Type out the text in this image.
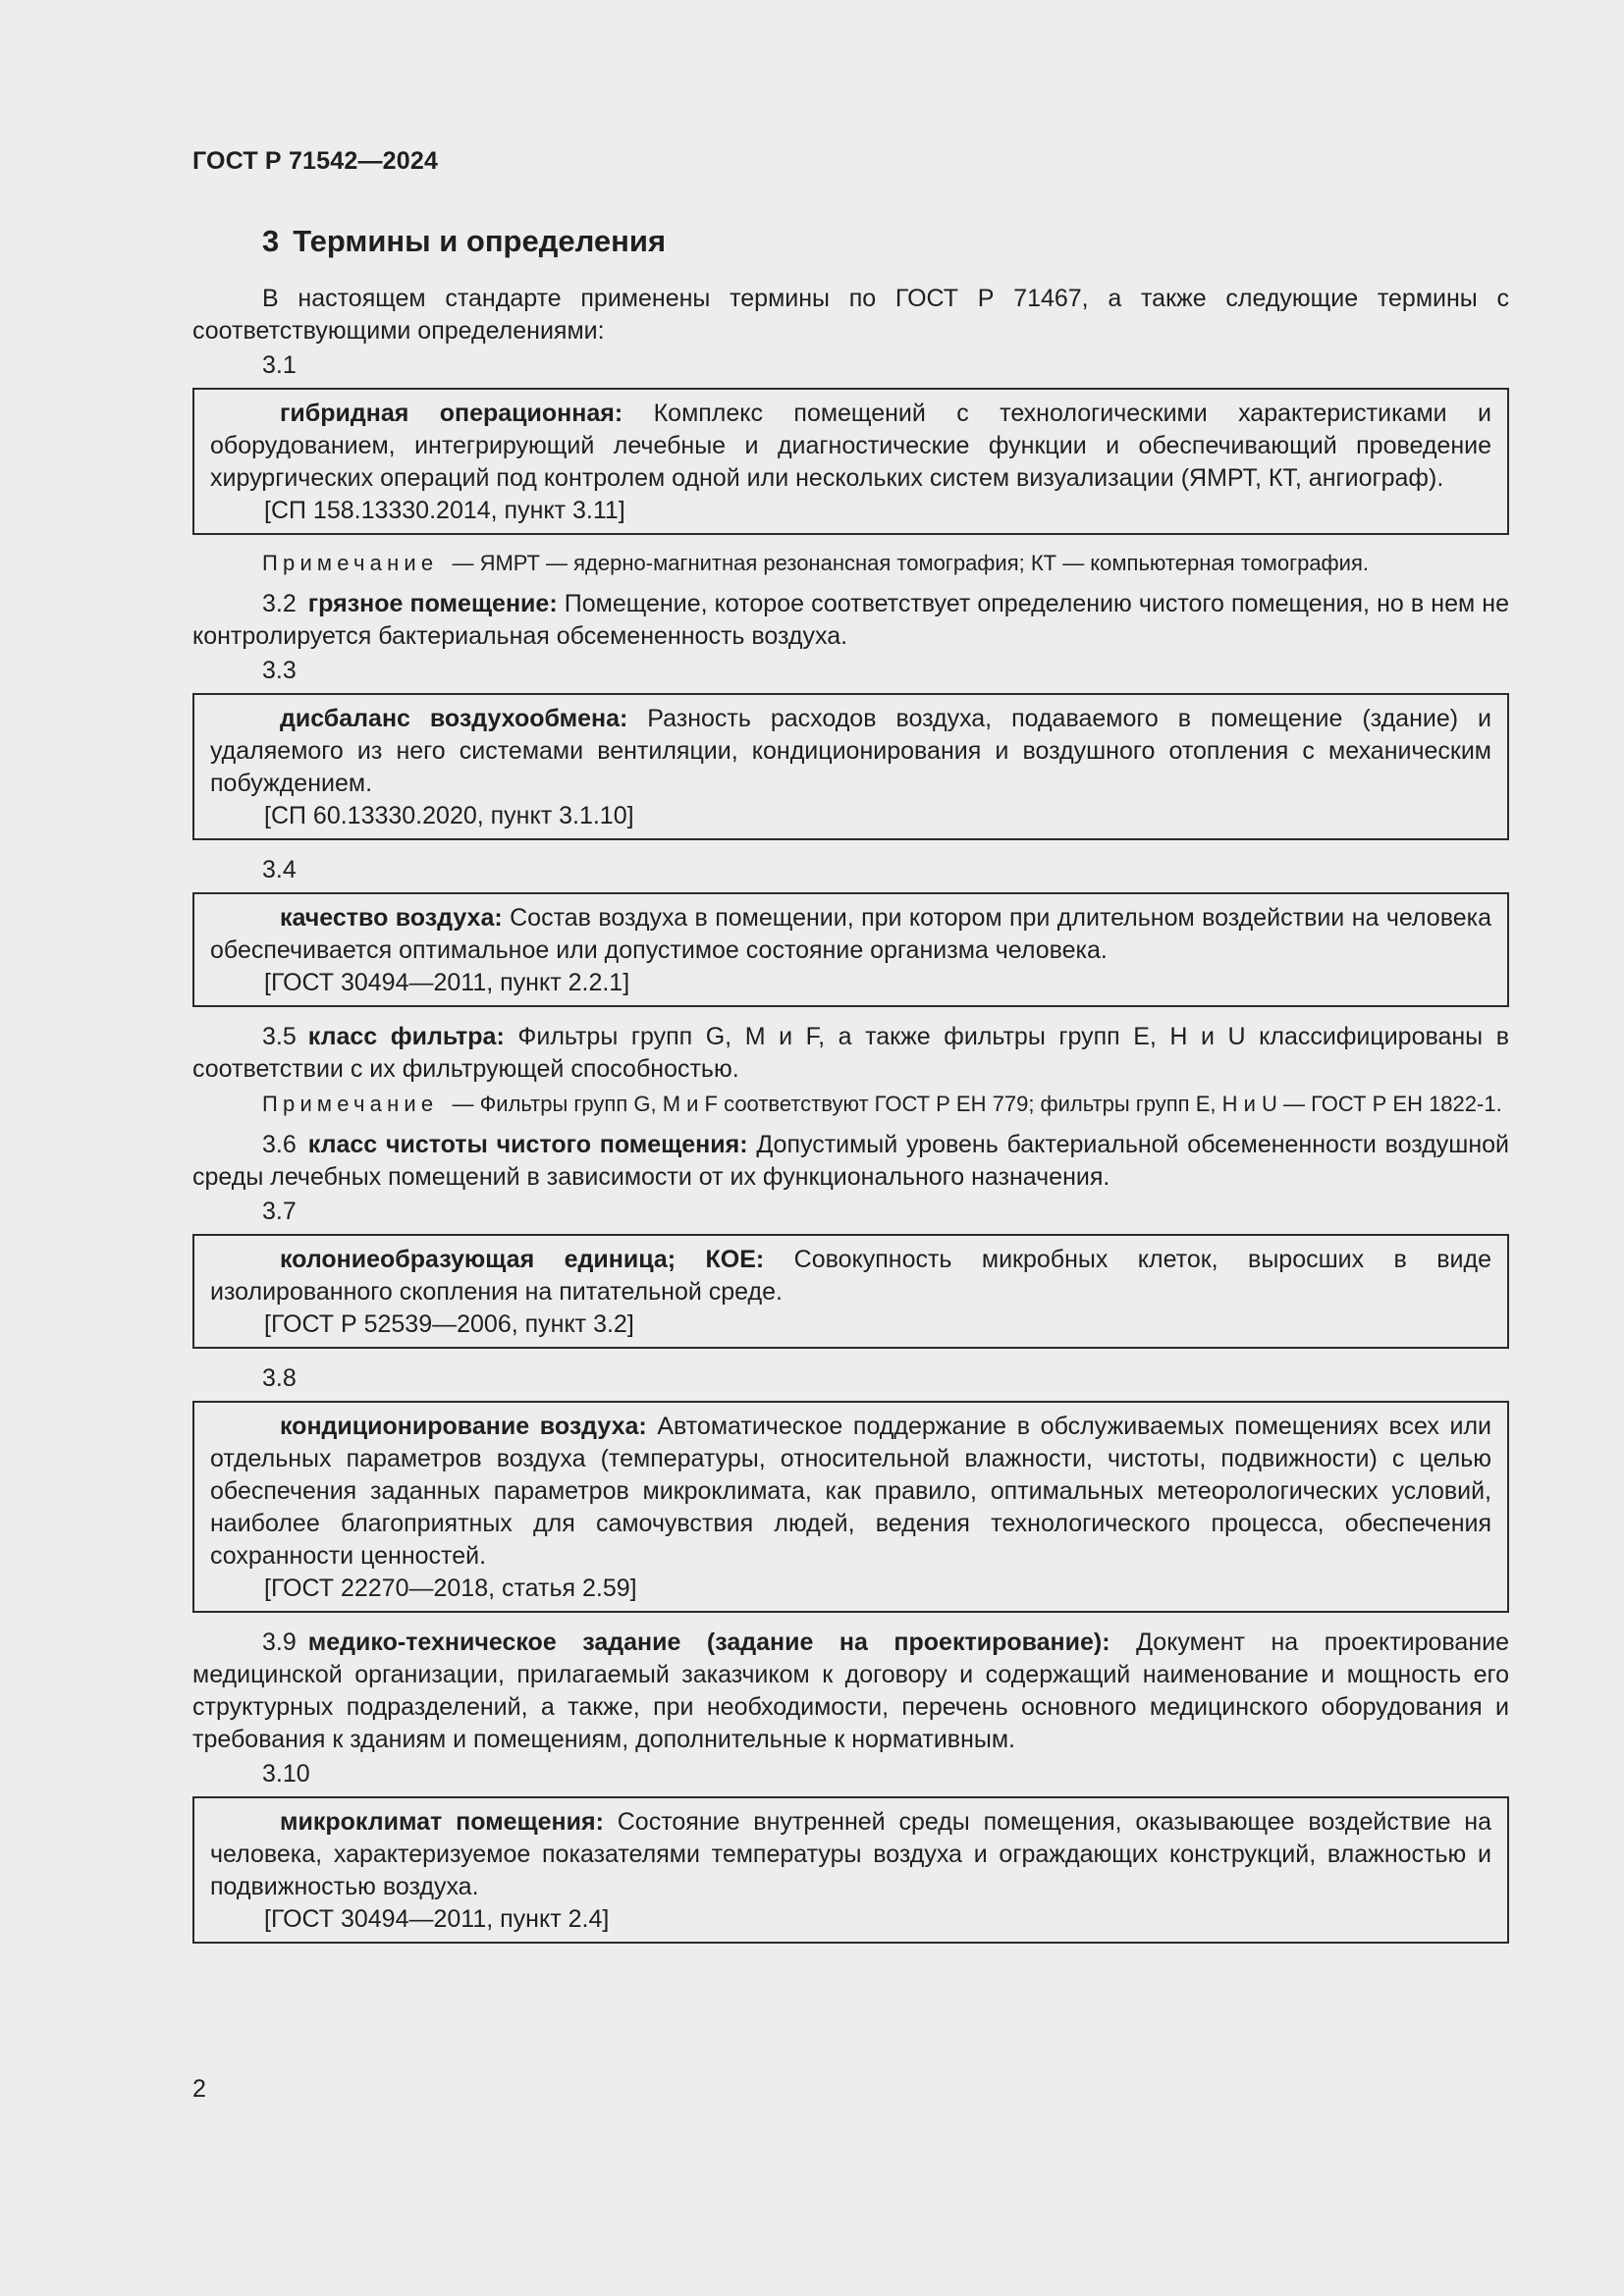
ГОСТ Р 71542—2024
3 Термины и определения

В настоящем стандарте применены термины по ГОСТ Р 71467, а также следующие термины с соответствующими определениями:

3.1

гибридная операционная: Комплекс помещений с технологическими характеристиками и оборудованием, интегрирующий лечебные и диагностические функции и обеспечивающий проведение хирургических операций под контролем одной или нескольких систем визуализации (ЯМРТ, КТ, ангиограф).

[СП 158.13330.2014, пункт 3.11]

Примечание — ЯМРТ — ядерно-магнитная резонансная томография; КТ — компьютерная томография.

3.2 грязное помещение: Помещение, которое соответствует определению чистого помещения, но в нем не контролируется бактериальная обсемененность воздуха.

3.3

дисбаланс воздухообмена: Разность расходов воздуха, подаваемого в помещение (здание) и удаляемого из него системами вентиляции, кондиционирования и воздушного отопления с механическим побуждением.

[СП 60.13330.2020, пункт 3.1.10]
3.4

качество воздуха: Состав воздуха в помещении, при котором при длительном воздействии на человека обеспечивается оптимальное или допустимое состояние организма человека.

[ГОСТ 30494—2011, пункт 2.2.1]

3.5 класс фильтра: Фильтры групп G, M и F, а также фильтры групп E, H и U классифицированы в соответствии с их фильтрующей способностью.

Примечание — Фильтры групп G, M и F соответствуют ГОСТ Р ЕН 779; фильтры групп E, H и U — ГОСТ Р ЕН 1822-1.

3.6 класс чистоты чистого помещения: Допустимый уровень бактериальной обсемененности воздушной среды лечебных помещений в зависимости от их функционального назначения.

3.7

колониеобразующая единица; КОЕ: Совокупность микробных клеток, выросших в виде изолированного скопления на питательной среде.

[ГОСТ Р 52539—2006, пункт 3.2]
3.8

кондиционирование воздуха: Автоматическое поддержание в обслуживаемых помещениях всех или отдельных параметров воздуха (температуры, относительной влажности, чистоты, подвижности) с целью обеспечения заданных параметров микроклимата, как правило, оптимальных метеорологических условий, наиболее благоприятных для самочувствия людей, ведения технологического процесса, обеспечения сохранности ценностей.

[ГОСТ 22270—2018, статья 2.59]

3.9 медико-техническое задание (задание на проектирование): Документ на проектирование медицинской организации, прилагаемый заказчиком к договору и содержащий наименование и мощность его структурных подразделений, а также, при необходимости, перечень основного медицинского оборудования и требования к зданиям и помещениям, дополнительные к нормативным.

3.10

микроклимат помещения: Состояние внутренней среды помещения, оказывающее воздействие на человека, характеризуемое показателями температуры воздуха и ограждающих конструкций, влажностью и подвижностью воздуха.

[ГОСТ 30494—2011, пункт 2.4]
2
